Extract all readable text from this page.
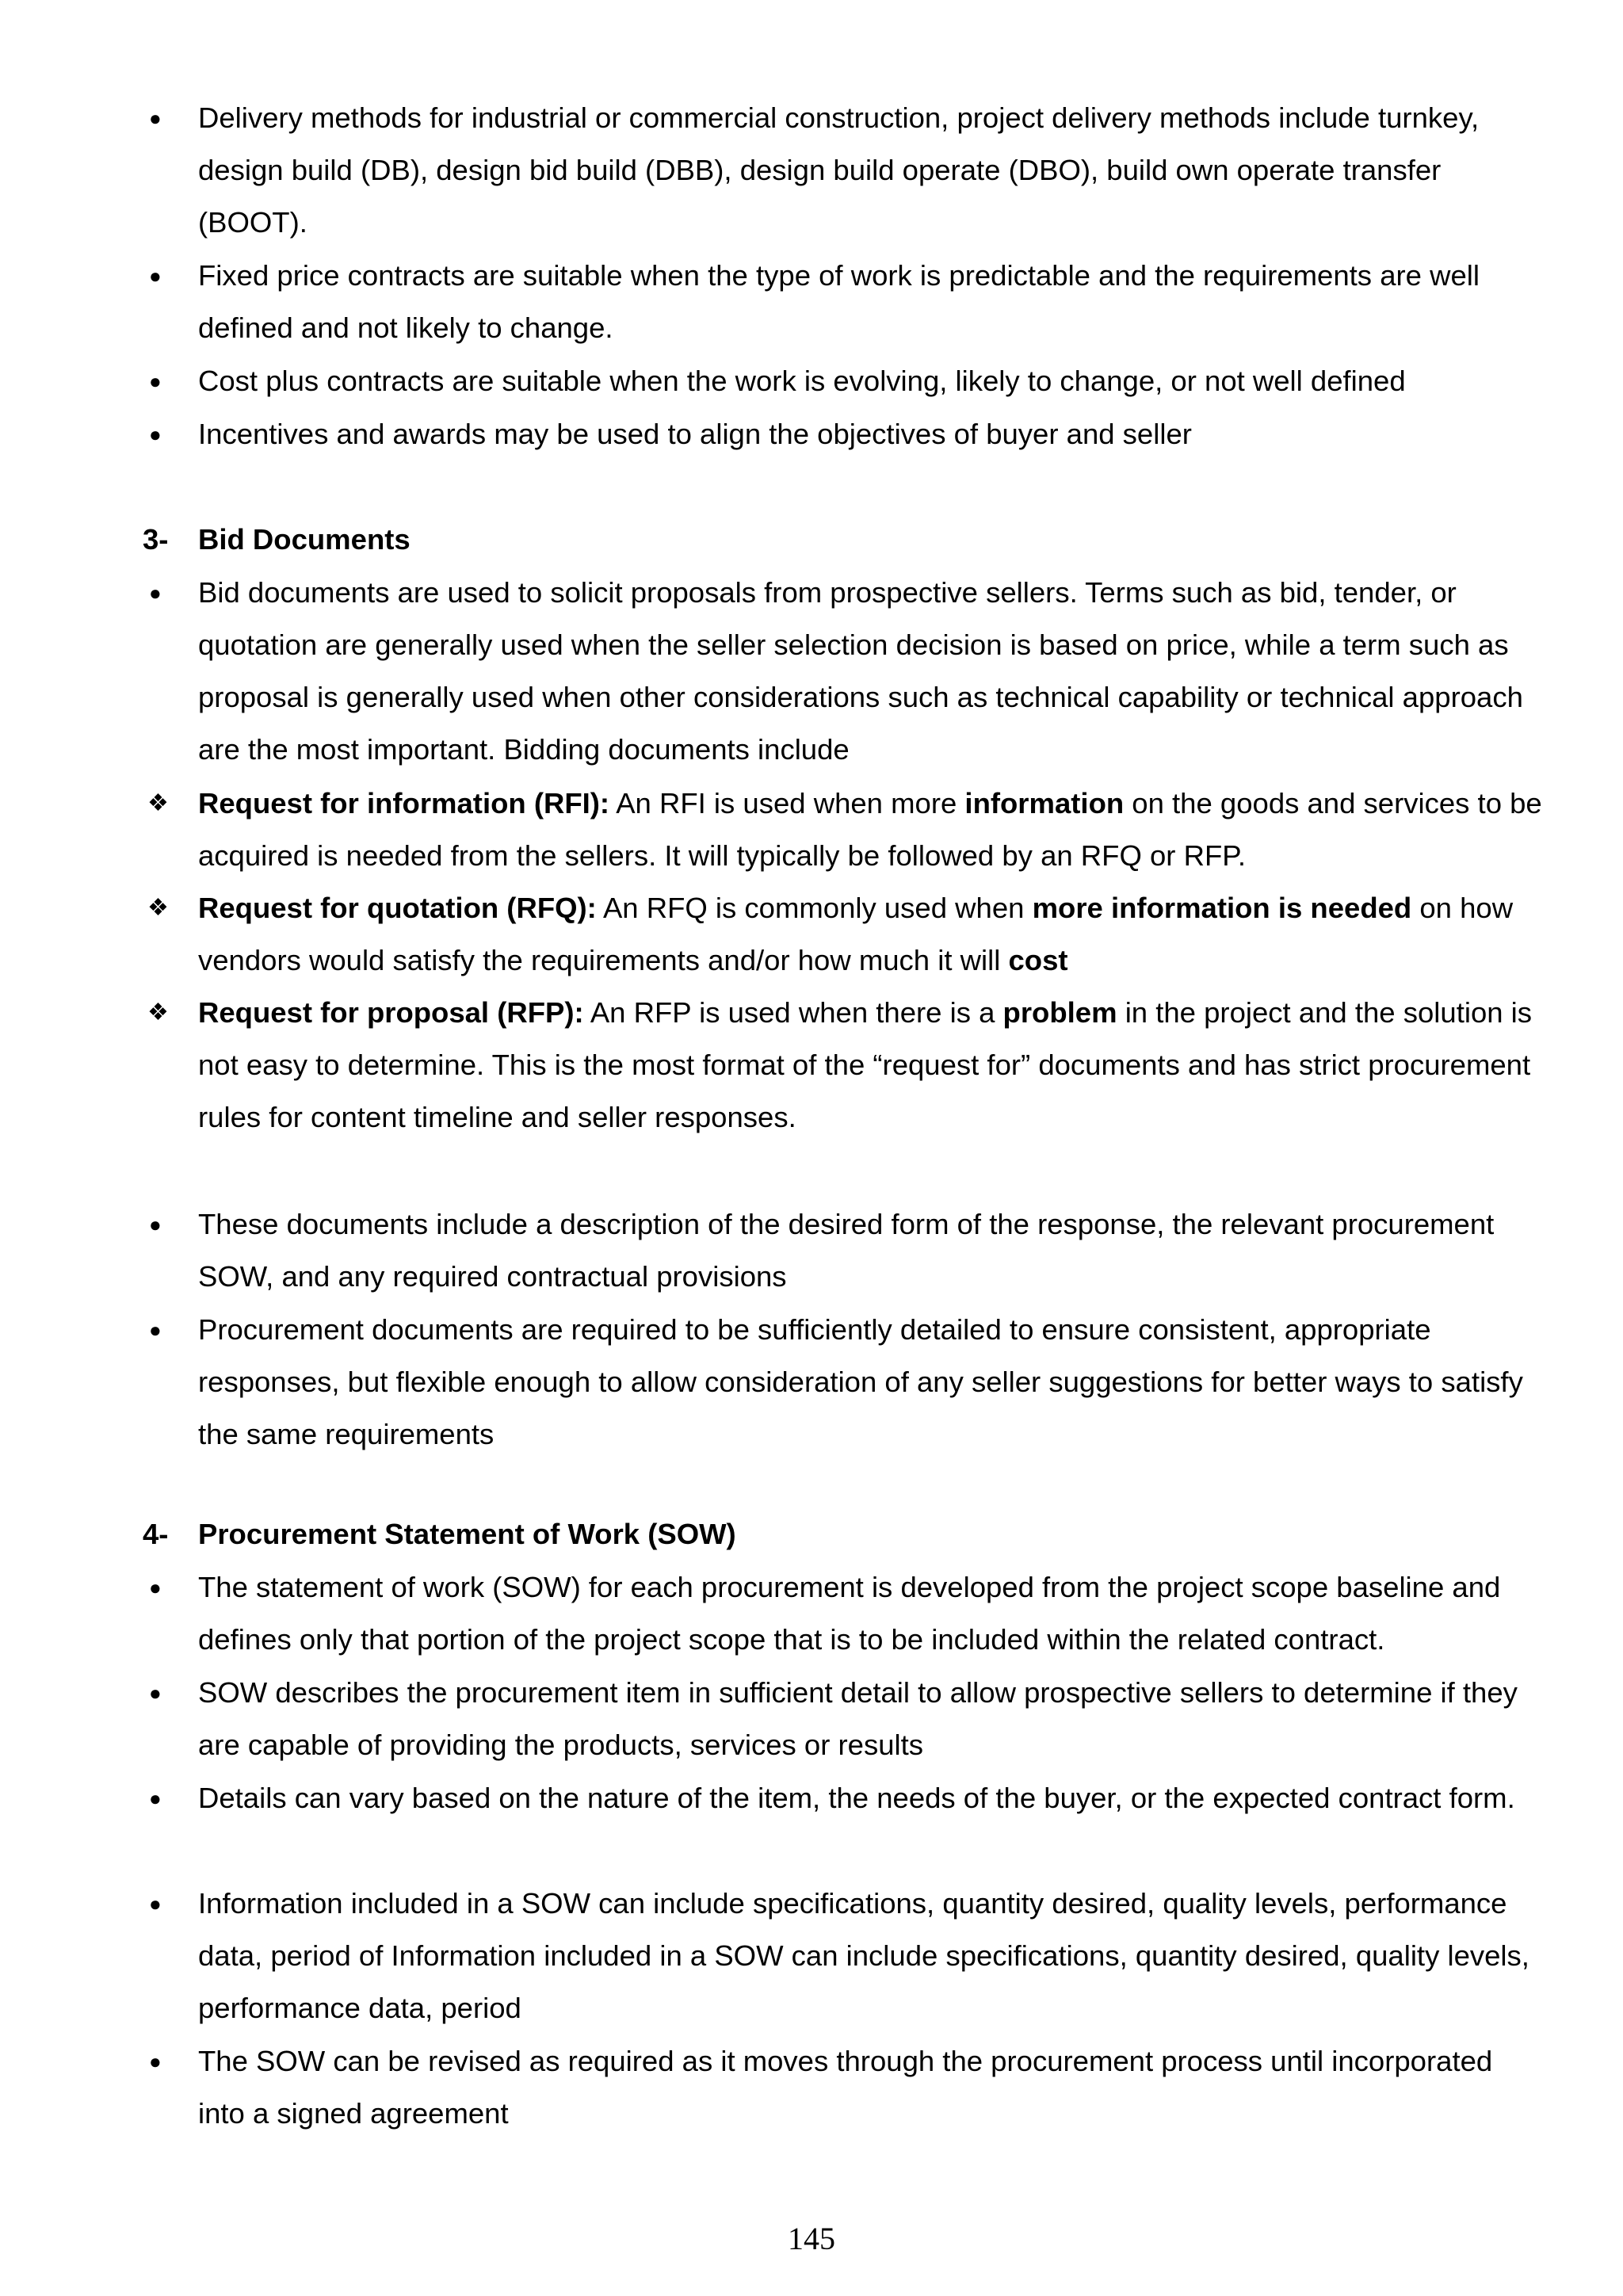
●	Delivery methods for industrial or commercial construction, project delivery methods include turnkey, design build (DB), design bid build (DBB), design build operate (DBO), build own operate transfer (BOOT).
●	Fixed price contracts are suitable when the type of work is predictable and the requirements are well defined and not likely to change.
●	Cost plus contracts are suitable when the work is evolving, likely to change, or not well defined
●	Incentives and awards may be used to align the objectives of buyer and seller
3-	Bid Documents
●	Bid documents are used to solicit proposals from prospective sellers. Terms such as bid, tender, or quotation are generally used when the seller selection decision is based on price, while a term such as proposal is generally used when other considerations such as technical capability or technical approach are the most important. Bidding documents include
❖	Request for information (RFI): An RFI is used when more information on the goods and services to be acquired is needed from the sellers. It will typically be followed by an RFQ or RFP.
❖	Request for quotation (RFQ): An RFQ is commonly used when more information is needed on how vendors would satisfy the requirements and/or how much it will cost
❖	Request for proposal (RFP): An RFP is used when there is a problem in the project and the solution is not easy to determine. This is the most format of the “request for” documents and has strict procurement rules for content timeline and seller responses.
●	These documents include a description of the desired form of the response, the relevant procurement SOW, and any required contractual provisions
●	Procurement documents are required to be sufficiently detailed to ensure consistent, appropriate responses, but flexible enough to allow consideration of any seller suggestions for better ways to satisfy the same requirements
4-	Procurement Statement of Work (SOW)
●	The statement of work (SOW) for each procurement is developed from the project scope baseline and defines only that portion of the project scope that is to be included within the related contract.
●	SOW describes the procurement item in sufficient detail to allow prospective sellers to determine if they are capable of providing the products, services or results
●	Details can vary based on the nature of the item, the needs of the buyer, or the expected contract form.
●	Information included in a SOW can include specifications, quantity desired, quality levels, performance data, period of Information included in a SOW can include specifications, quantity desired, quality levels, performance data, period
●	The SOW can be revised as required as it moves through the procurement process until incorporated into a signed agreement
145
